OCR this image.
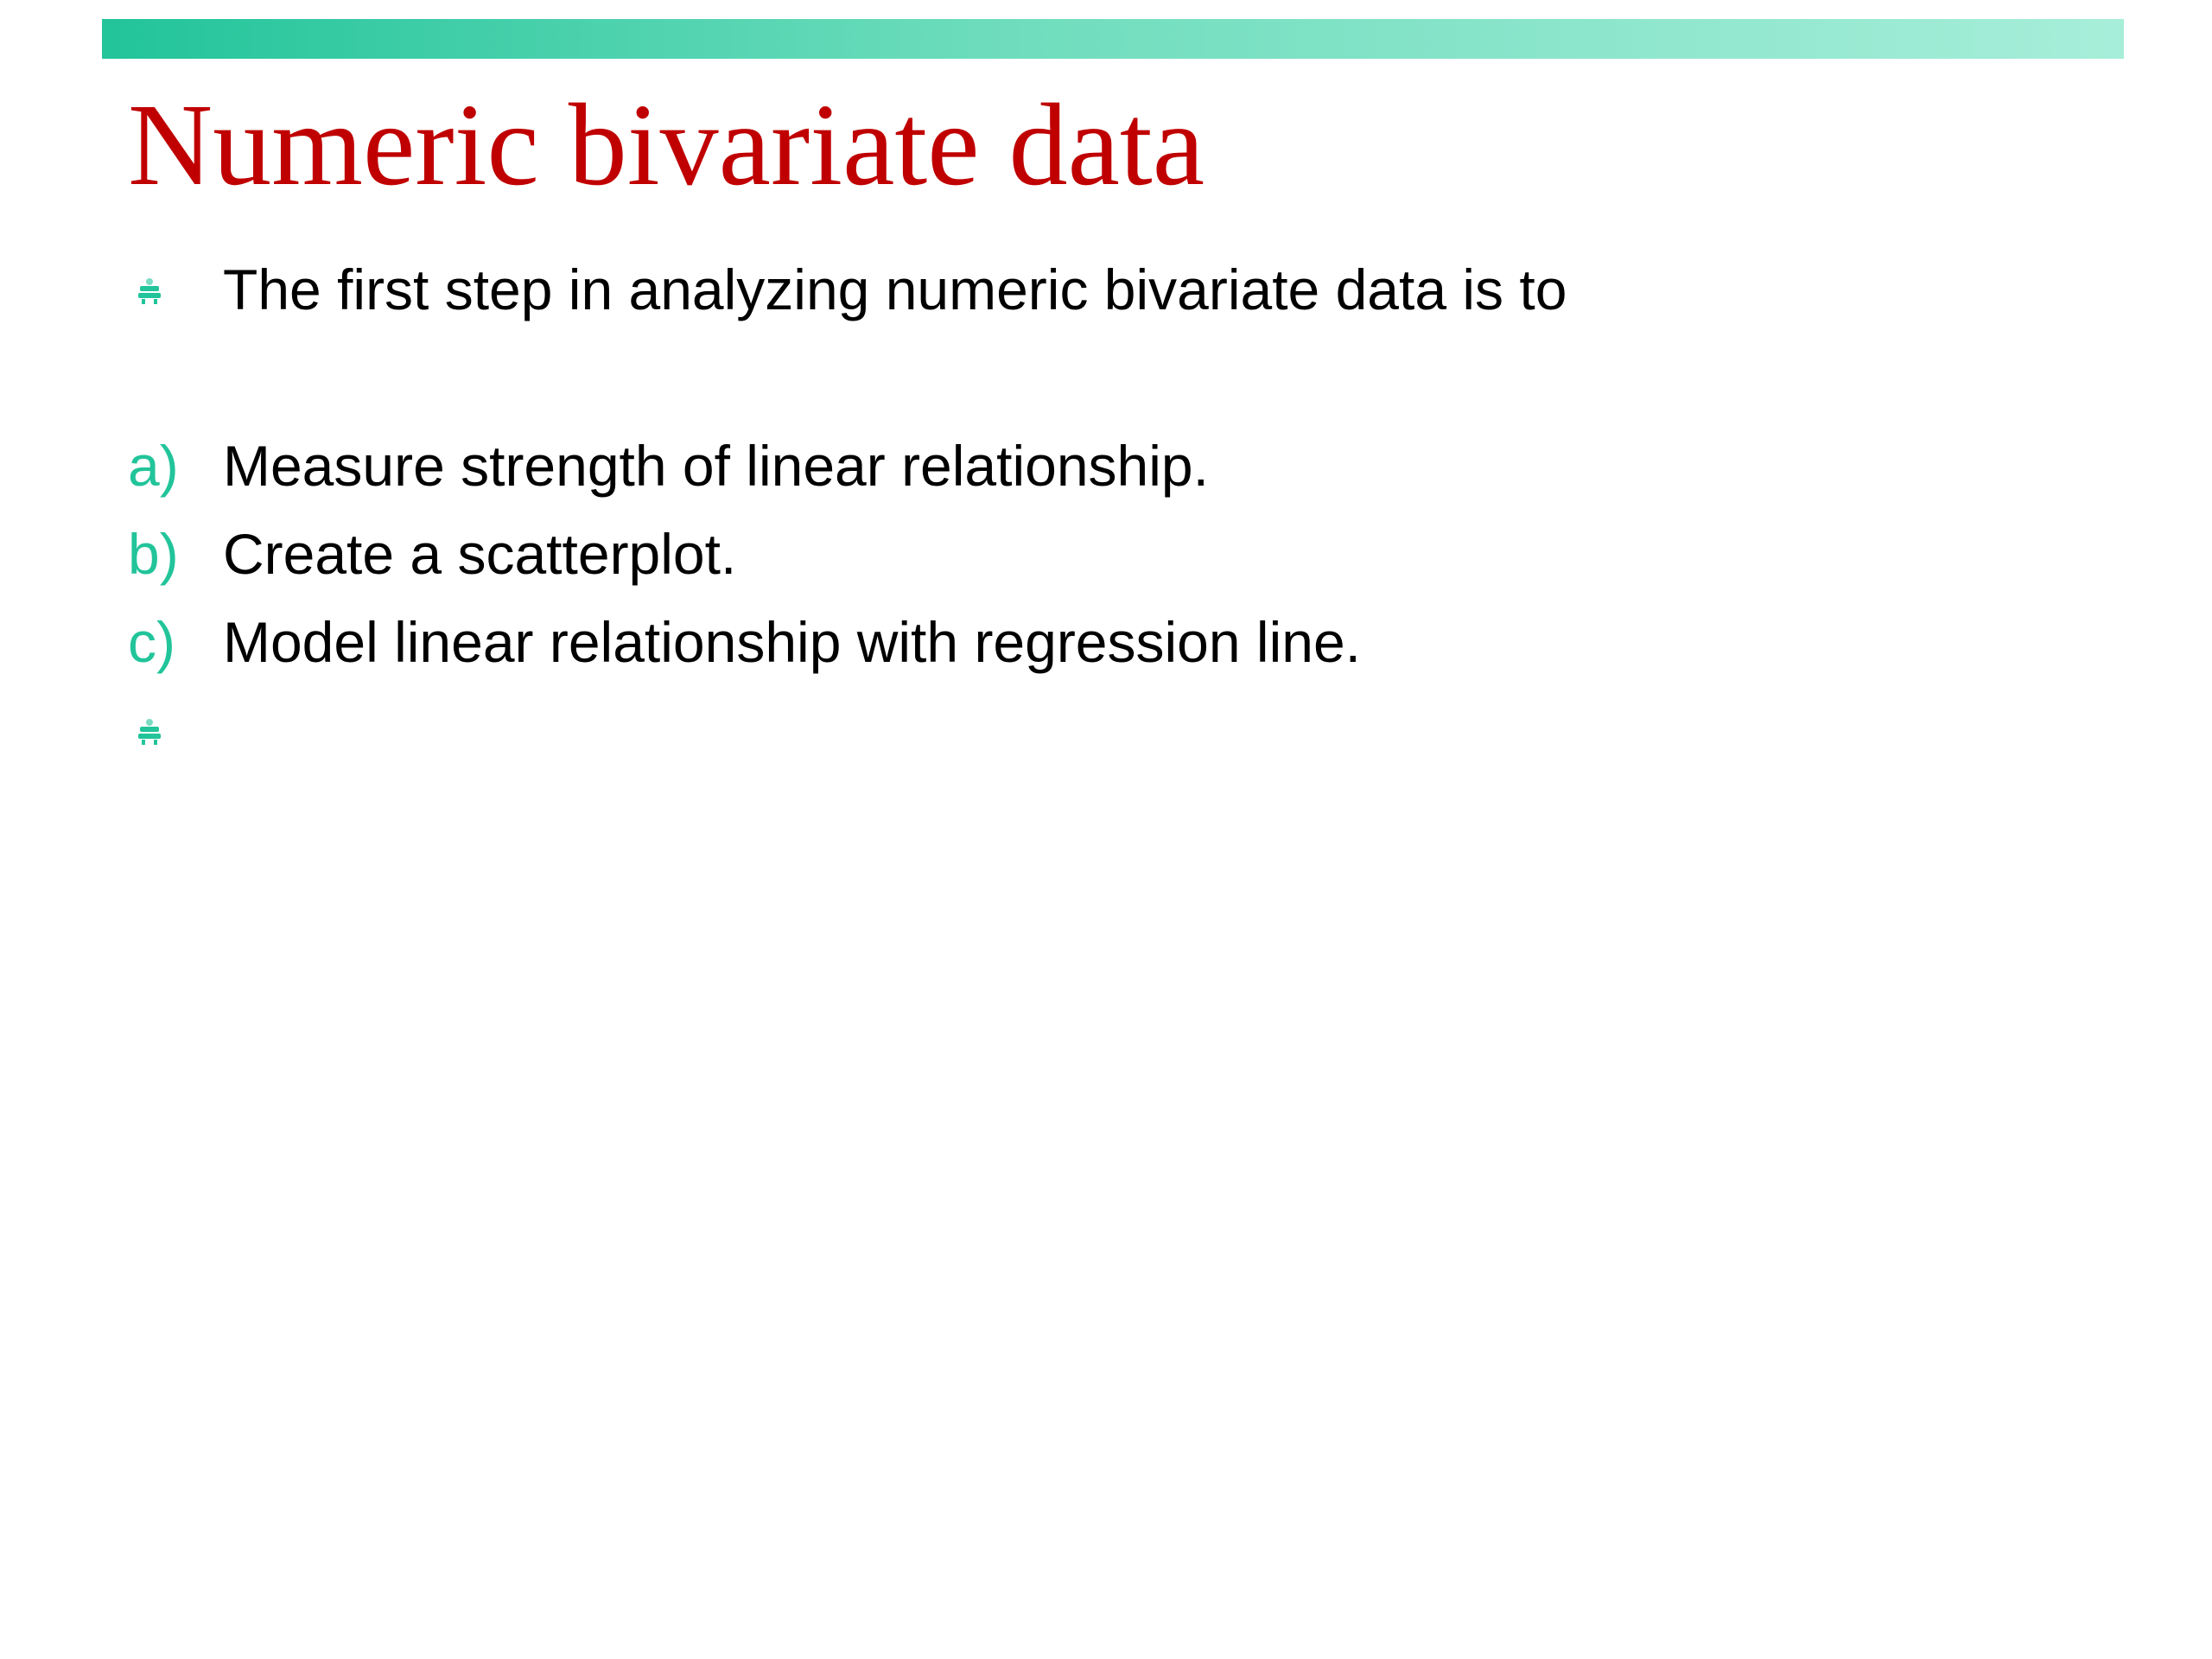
Numeric bivariate data
The first step in analyzing numeric bivariate data is to
a) Measure strength of linear relationship.
b) Create a scatterplot.
c) Model linear relationship with regression line.
